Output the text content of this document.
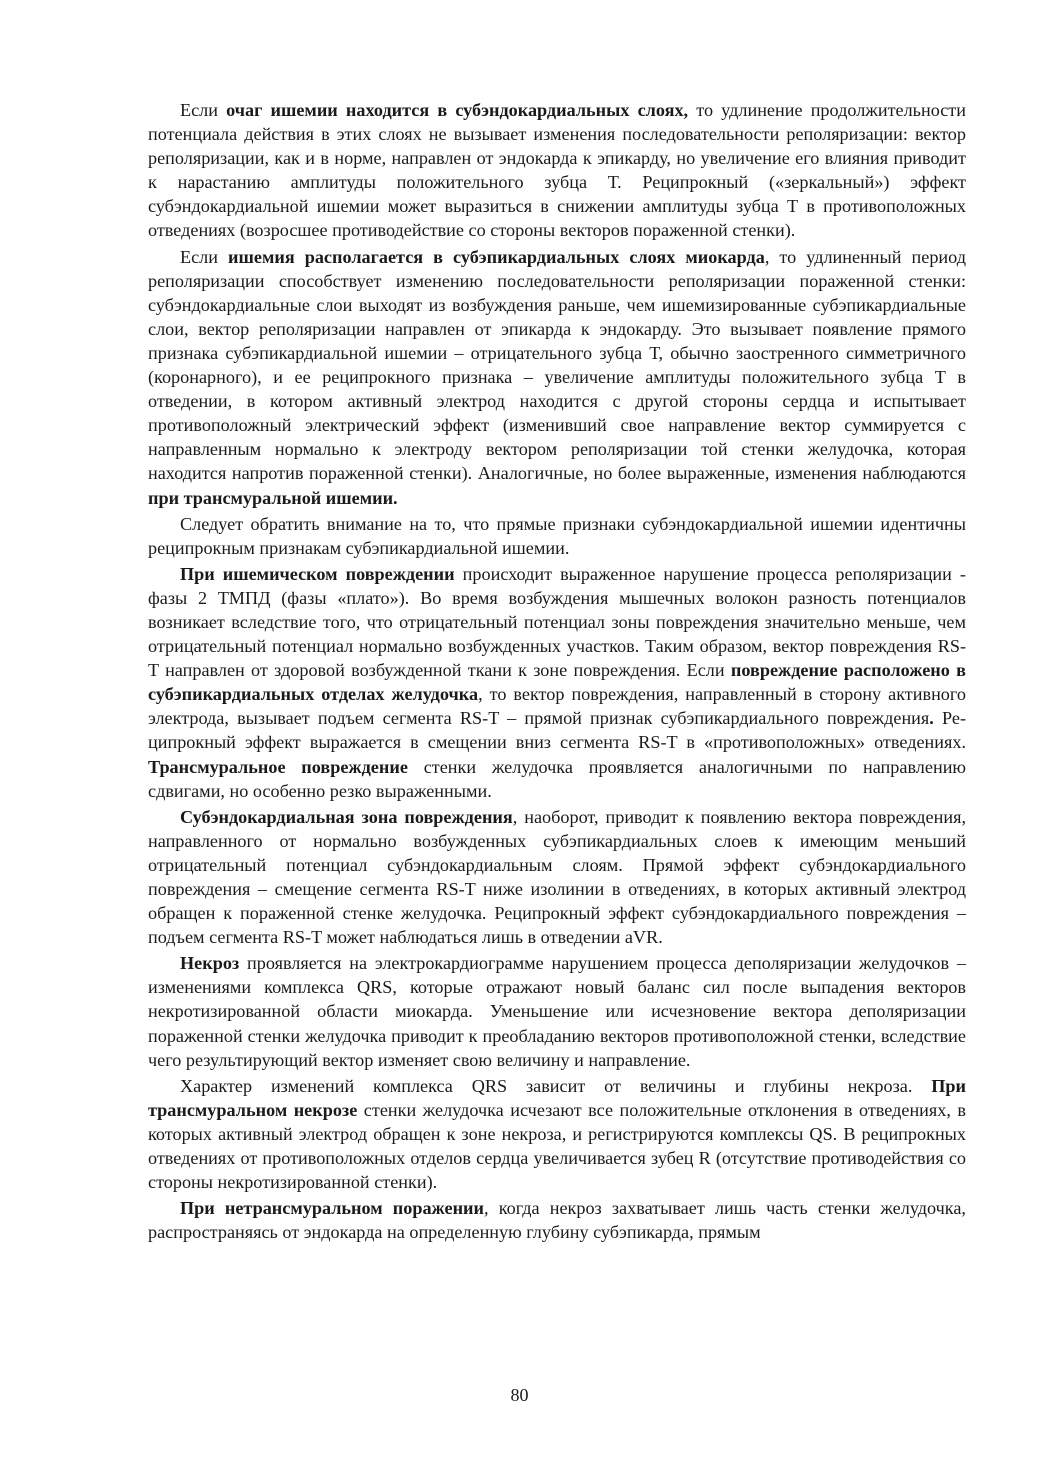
Если очаг ишемии находится в субэндокардиальных слоях, то удлинение продолжительности потенциала действия в этих слоях не вызывает изменения последовательности реполяризации: вектор реполяризации, как и в норме, направлен от эндокарда к эпикарду, но увеличение его влияния приводит к нарастанию амплитуды положительного зубца Т. Реципрокный («зеркальный») эффект субэндокардиальной ишемии может выразиться в снижении амплитуды зубца Т в противоположных отведениях (возросшее противодействие со стороны векторов пораженной стенки).

Если ишемия располагается в субэпикардиальных слоях миокарда, то удлиненный период реполяризации способствует изменению последовательности реполяризации пораженной стенки: субэндокардиальные слои выходят из возбуждения раньше, чем ишемизированные субэпикардиальные слои, вектор реполяризации направлен от эпикарда к эндокарду. Это вызывает появление прямого признака субэпикардиальной ишемии – отрицательного зубца Т, обычно заостренного симметричного (коронарного), и ее реципрокного признака – увеличение амплитуды положительного зубца Т в отведении, в котором активный электрод находится с другой стороны сердца и испытывает противоположный электрический эффект (изменивший свое направление вектор суммируется с направленным нормально к электроду вектором реполяризации той стенки желудочка, которая находится напротив пораженной стенки). Аналогичные, но более выраженные, изменения наблюдаются при трансмуральной ишемии.

Следует обратить внимание на то, что прямые признаки субэндокардиальной ишемии идентичны реципрокным признакам субэпикардиальной ишемии.

При ишемическом повреждении происходит выраженное нарушение процесса реполяризации - фазы 2 ТМПД (фазы «плато»). Во время возбуждения мышечных волокон разность потенциалов возникает вследствие того, что отрицательный потенциал зоны повреждения значительно меньше, чем отрицательный потенциал нормально возбужденных участков. Таким образом, вектор повреждения RS-T направлен от здоровой возбужденной ткани к зоне повреждения. Если повреждение расположено в субэпикардиальных отделах желудочка, то вектор повреждения, направленный в сторону активного электрода, вызывает подъем сегмента RS-T – прямой признак субэпикардиального повреждения. Реципрокный эффект выражается в смещении вниз сегмента RS-T в «противоположных» отведениях. Трансмуральное повреждение стенки желудочка проявляется аналогичными по направлению сдвигами, но особенно резко выраженными.

Субэндокардиальная зона повреждения, наоборот, приводит к появлению вектора повреждения, направленного от нормально возбужденных субэпикардиальных слоев к имеющим меньший отрицательный потенциал субэндокардиальным слоям. Прямой эффект субэндокардиального повреждения – смещение сегмента RS-T ниже изолинии в отведениях, в которых активный электрод обращен к пораженной стенке желудочка. Реципрокный эффект субэндокардиального повреждения – подъем сегмента RS-T может наблюдаться лишь в отведении aVR.

Некроз проявляется на электрокардиограмме нарушением процесса деполяризации желудочков – изменениями комплекса QRS, которые отражают новый баланс сил после выпадения векторов некротизированной области миокарда. Уменьшение или исчезновение вектора деполяризации пораженной стенки желудочка приводит к преобладанию векторов противоположной стенки, вследствие чего результирующий вектор изменяет свою величину и направление.

Характер изменений комплекса QRS зависит от величины и глубины некроза. При трансмуральном некрозе стенки желудочка исчезают все положительные отклонения в отведениях, в которых активный электрод обращен к зоне некроза, и регистрируются комплексы QS. В реципрокных отведениях от противоположных отделов сердца увеличивается зубец R (отсутствие противодействия со стороны некротизированной стенки).

При нетрансмуральном поражении, когда некроз захватывает лишь часть стенки желудочка, распространяясь от эндокарда на определенную глубину субэпикарда, прямым

80
